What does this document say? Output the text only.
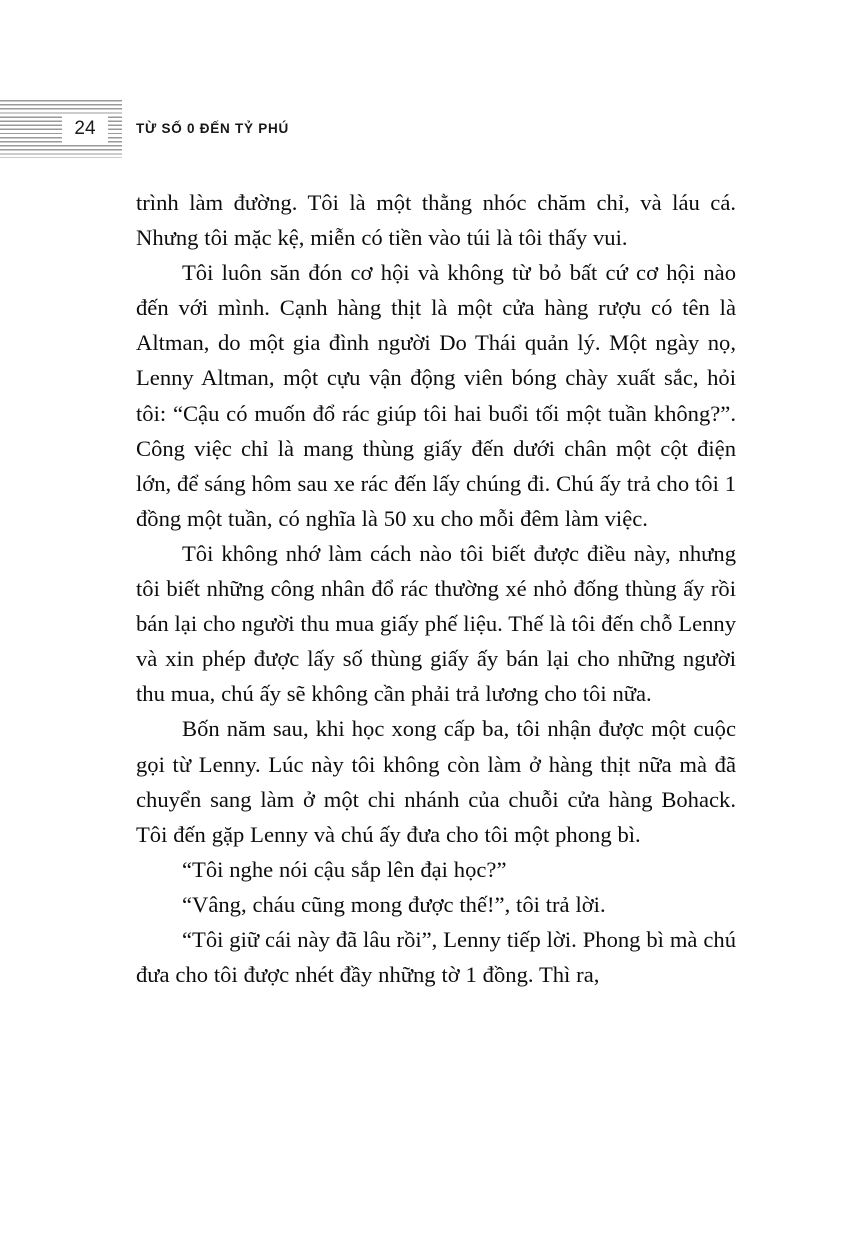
24	TỪ SỐ 0 ĐẾN TỶ PHÚ

trình làm đường. Tôi là một thằng nhóc chăm chỉ, và láu cá. Nhưng tôi mặc kệ, miễn có tiền vào túi là tôi thấy vui.

Tôi luôn săn đón cơ hội và không từ bỏ bất cứ cơ hội nào đến với mình. Cạnh hàng thịt là một cửa hàng rượu có tên là Altman, do một gia đình người Do Thái quản lý. Một ngày nọ, Lenny Altman, một cựu vận động viên bóng chày xuất sắc, hỏi tôi: “Cậu có muốn đổ rác giúp tôi hai buổi tối một tuần không?”. Công việc chỉ là mang thùng giấy đến dưới chân một cột điện lớn, để sáng hôm sau xe rác đến lấy chúng đi. Chú ấy trả cho tôi 1 đồng một tuần, có nghĩa là 50 xu cho mỗi đêm làm việc.

Tôi không nhớ làm cách nào tôi biết được điều này, nhưng tôi biết những công nhân đổ rác thường xé nhỏ đống thùng ấy rồi bán lại cho người thu mua giấy phế liệu. Thế là tôi đến chỗ Lenny và xin phép được lấy số thùng giấy ấy bán lại cho những người thu mua, chú ấy sẽ không cần phải trả lương cho tôi nữa.

Bốn năm sau, khi học xong cấp ba, tôi nhận được một cuộc gọi từ Lenny. Lúc này tôi không còn làm ở hàng thịt nữa mà đã chuyển sang làm ở một chi nhánh của chuỗi cửa hàng Bohack. Tôi đến gặp Lenny và chú ấy đưa cho tôi một phong bì.

“Tôi nghe nói cậu sắp lên đại học?”

“Vâng, cháu cũng mong được thế!”, tôi trả lời.

“Tôi giữ cái này đã lâu rồi”, Lenny tiếp lời. Phong bì mà chú đưa cho tôi được nhét đầy những tờ 1 đồng. Thì ra,
